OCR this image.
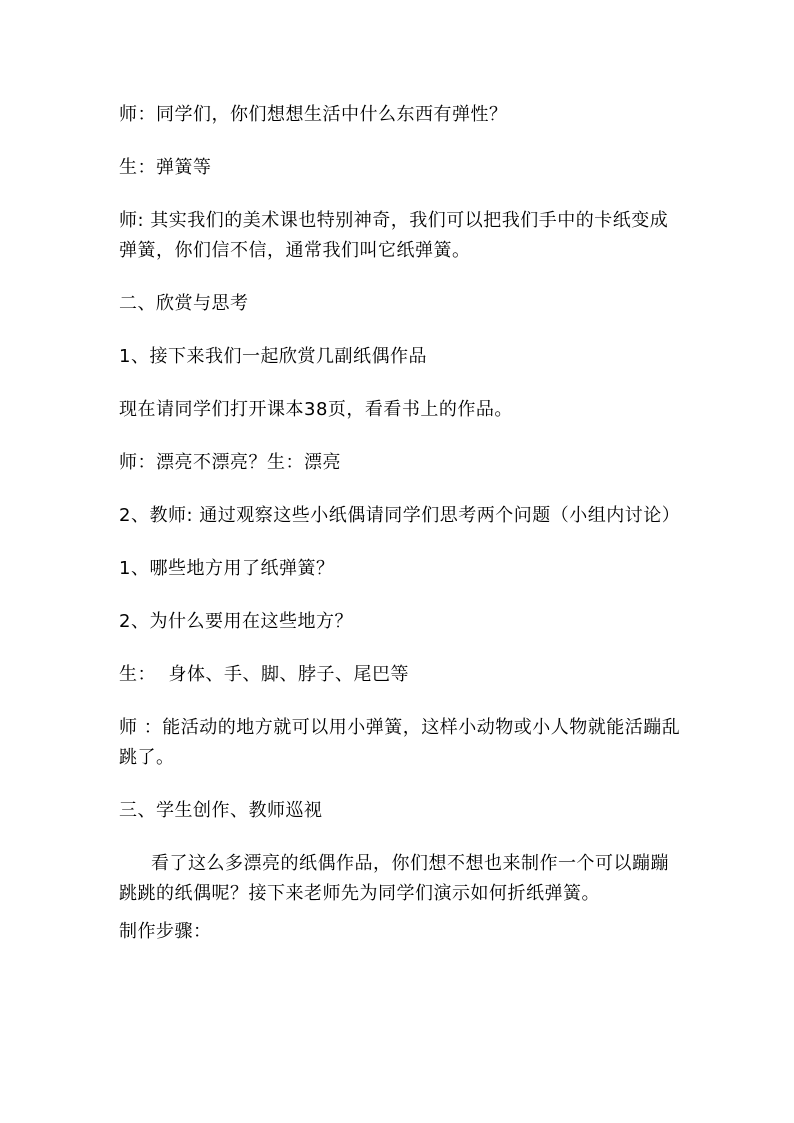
师：同学们，你们想想生活中什么东西有弹性？

生：弹簧等

师: 其实我们的美术课也特别神奇，我们可以把我们手中的卡纸变成弹簧，你们信不信，通常我们叫它纸弹簧。

二、欣赏与思考

1、接下来我们一起欣赏几副纸偶作品

现在请同学们打开课本38页，看看书上的作品。

师：漂亮不漂亮？生：漂亮

2、教师: 通过观察这些小纸偶请同学们思考两个问题（小组内讨论）

1、哪些地方用了纸弹簧？

2、为什么要用在这些地方？

生：  身体、手、脚、脖子、尾巴等

师 ：能活动的地方就可以用小弹簧，这样小动物或小人物就能活蹦乱跳了。

三、学生创作、教师巡视

看了这么多漂亮的纸偶作品，你们想不想也来制作一个可以蹦蹦跳跳的纸偶呢？接下来老师先为同学们演示如何折纸弹簧。

制作步骤：
